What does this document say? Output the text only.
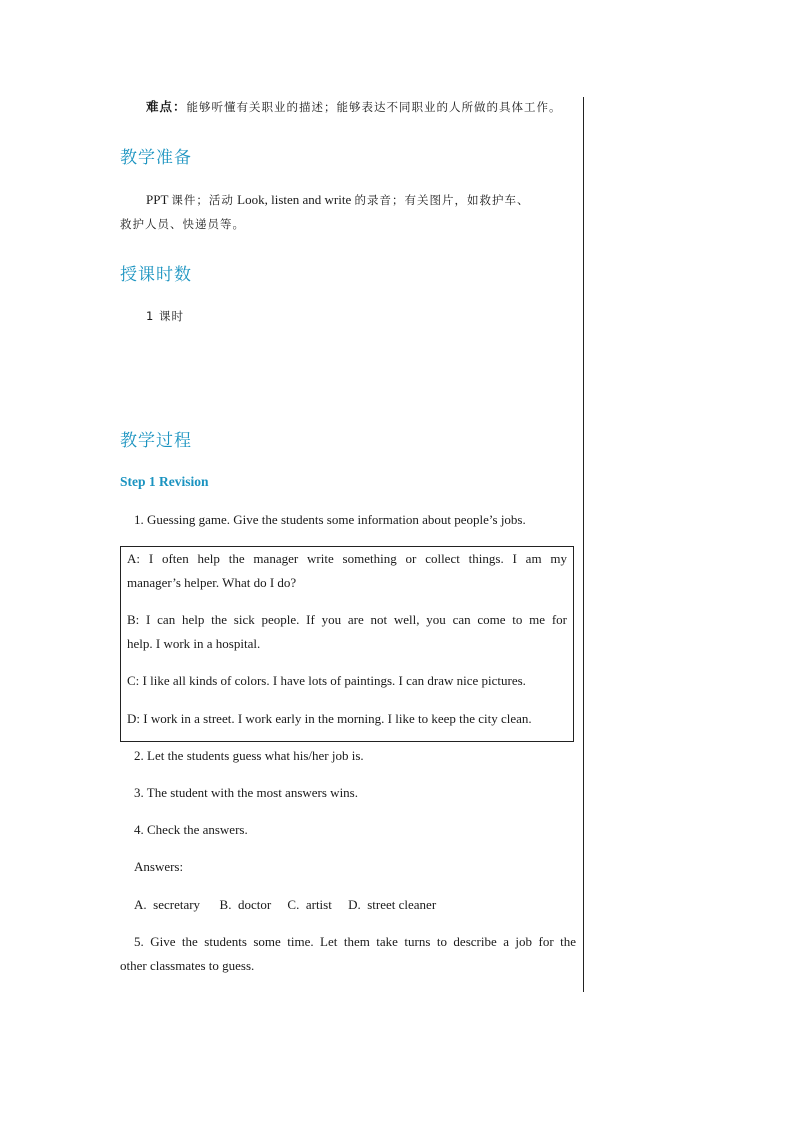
难点：能够听懂有关职业的描述；能够表达不同职业的人所做的具体工作。
教学准备
PPT 课件；活动 Look, listen and write 的录音；有关图片，如救护车、
救护人员、快递员等。
授课时数
1 课时
教学过程
Step 1 Revision
1. Guessing game. Give the students some information about people’s jobs.
A: I often help the manager write something or collect things. I am my
manager’s helper. What do I do?
B: I can help the sick people. If you are not well, you can come to me for
help. I work in a hospital.
C: I like all kinds of colors. I have lots of paintings. I can draw nice pictures.
D: I work in a street. I work early in the morning. I like to keep the city clean.
2. Let the students guess what his/her job is.
3. The student with the most answers wins.
4. Check the answers.
Answers:
A.  secretary      B.  doctor     C.  artist     D.  street cleaner
5. Give the students some time. Let them take turns to describe a job for the
other classmates to guess.
